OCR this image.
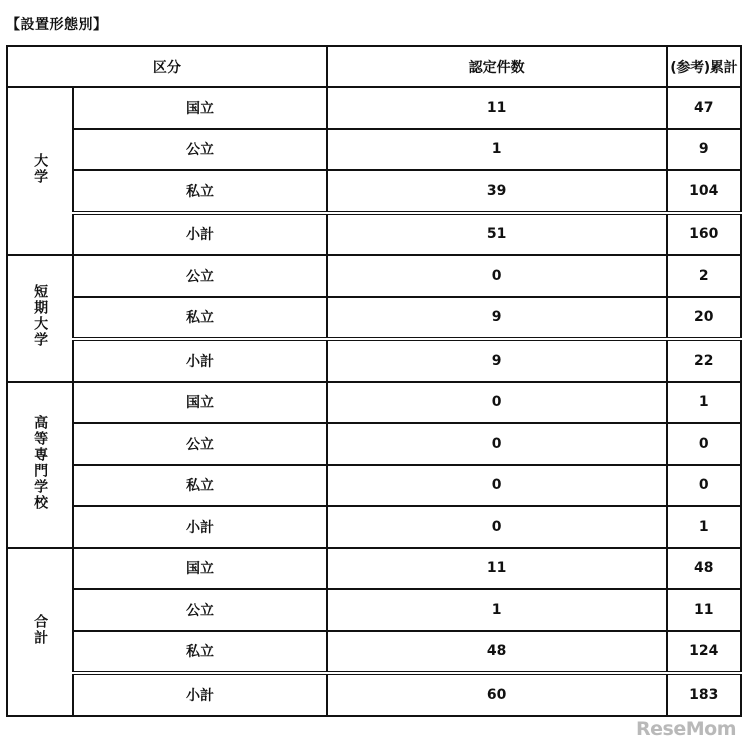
【設置形態別】
区分		認定件数	(参考)累計
大学	国立	11	47
	公立	1	9
	私立	39	104
	小計	51	160
短期大学	公立	0	2
	私立	9	20
	小計	9	22
高等専門学校	国立	0	1
	公立	0	0
	私立	0	0
	小計	0	1
合計	国立	11	48
	公立	1	11
	私立	48	124
	小計	60	183
ReseMom
